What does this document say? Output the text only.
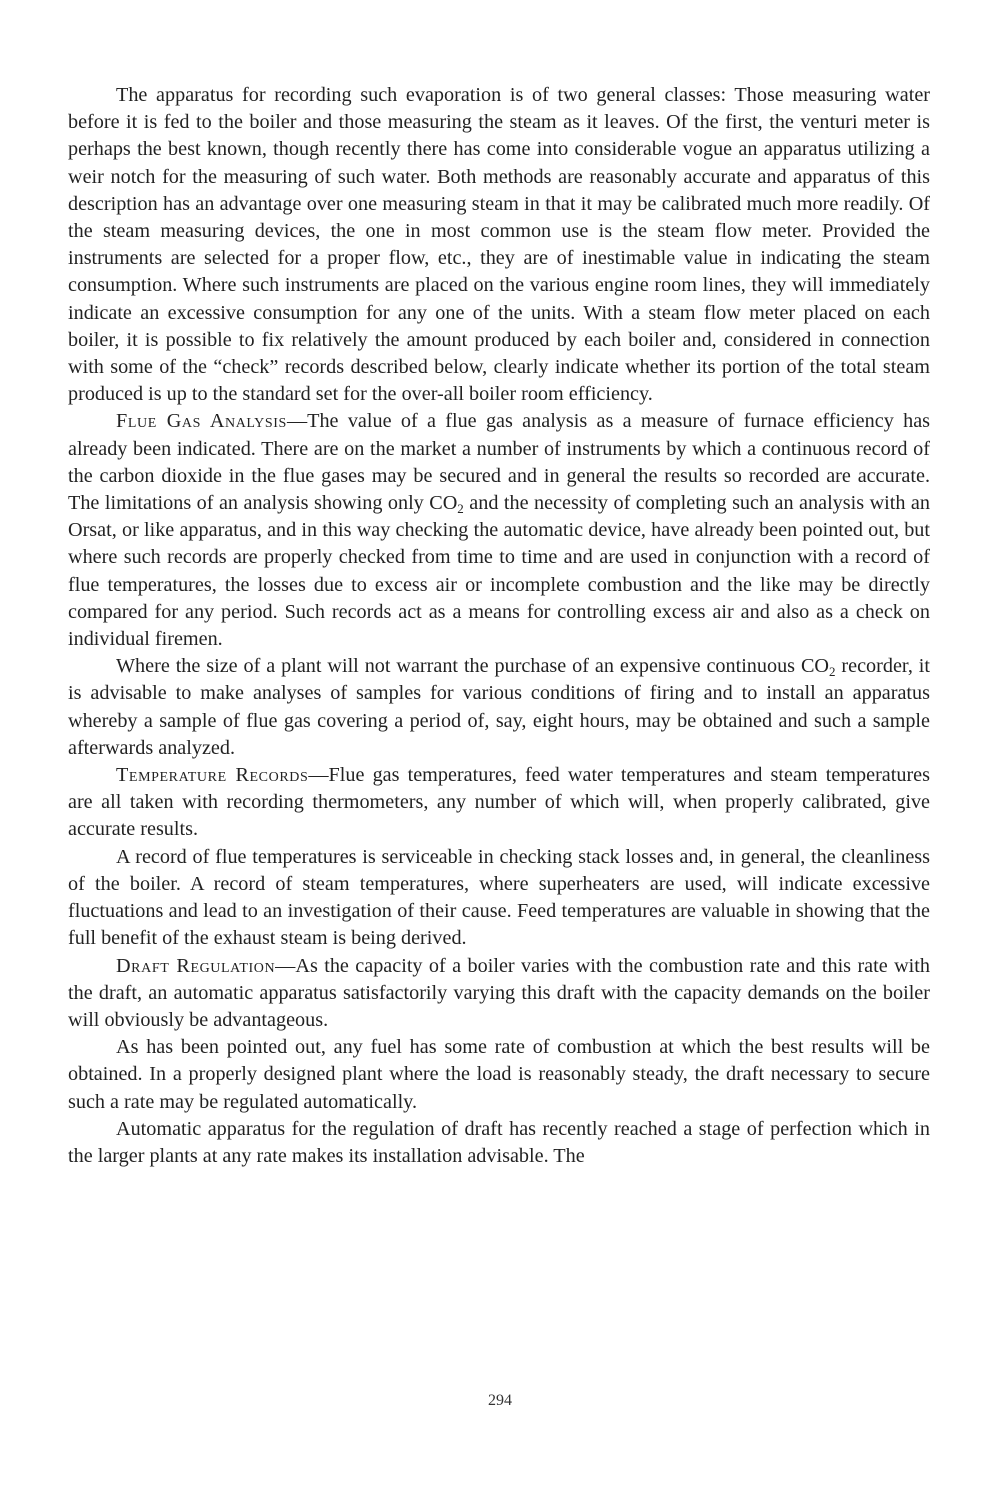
The apparatus for recording such evaporation is of two general classes: Those measuring water before it is fed to the boiler and those measuring the steam as it leaves. Of the first, the venturi meter is perhaps the best known, though recently there has come into considerable vogue an apparatus utilizing a weir notch for the measuring of such water. Both methods are reasonably accurate and apparatus of this description has an advantage over one measuring steam in that it may be calibrated much more readily. Of the steam measuring devices, the one in most common use is the steam flow meter. Provided the instruments are selected for a proper flow, etc., they are of inestimable value in indicating the steam consumption. Where such instruments are placed on the various engine room lines, they will immediately indicate an excessive consumption for any one of the units. With a steam flow meter placed on each boiler, it is possible to fix relatively the amount produced by each boiler and, considered in connection with some of the “check” records described below, clearly indicate whether its portion of the total steam produced is up to the standard set for the over-all boiler room efficiency.

Flue Gas Analysis—The value of a flue gas analysis as a measure of furnace efficiency has already been indicated. There are on the market a number of instruments by which a continuous record of the carbon dioxide in the flue gases may be secured and in general the results so recorded are accurate. The limitations of an analysis showing only $CO_2$ and the necessity of completing such an analysis with an Orsat, or like apparatus, and in this way checking the automatic device, have already been pointed out, but where such records are properly checked from time to time and are used in conjunction with a record of flue temperatures, the losses due to excess air or incomplete combustion and the like may be directly compared for any period. Such records act as a means for controlling excess air and also as a check on individual firemen.

Where the size of a plant will not warrant the purchase of an expensive continuous $CO_2$ recorder, it is advisable to make analyses of samples for various conditions of firing and to install an apparatus whereby a sample of flue gas covering a period of, say, eight hours, may be obtained and such a sample afterwards analyzed.

Temperature Records—Flue gas temperatures, feed water temperatures and steam temperatures are all taken with recording thermometers, any number of which will, when properly calibrated, give accurate results.

A record of flue temperatures is serviceable in checking stack losses and, in general, the cleanliness of the boiler. A record of steam temperatures, where superheaters are used, will indicate excessive fluctuations and lead to an investigation of their cause. Feed temperatures are valuable in showing that the full benefit of the exhaust steam is being derived.

Draft Regulation—As the capacity of a boiler varies with the combustion rate and this rate with the draft, an automatic apparatus satisfactorily varying this draft with the capacity demands on the boiler will obviously be advantageous.

As has been pointed out, any fuel has some rate of combustion at which the best results will be obtained. In a properly designed plant where the load is reasonably steady, the draft necessary to secure such a rate may be regulated automatically.

Automatic apparatus for the regulation of draft has recently reached a stage of perfection which in the larger plants at any rate makes its installation advisable. The

294
